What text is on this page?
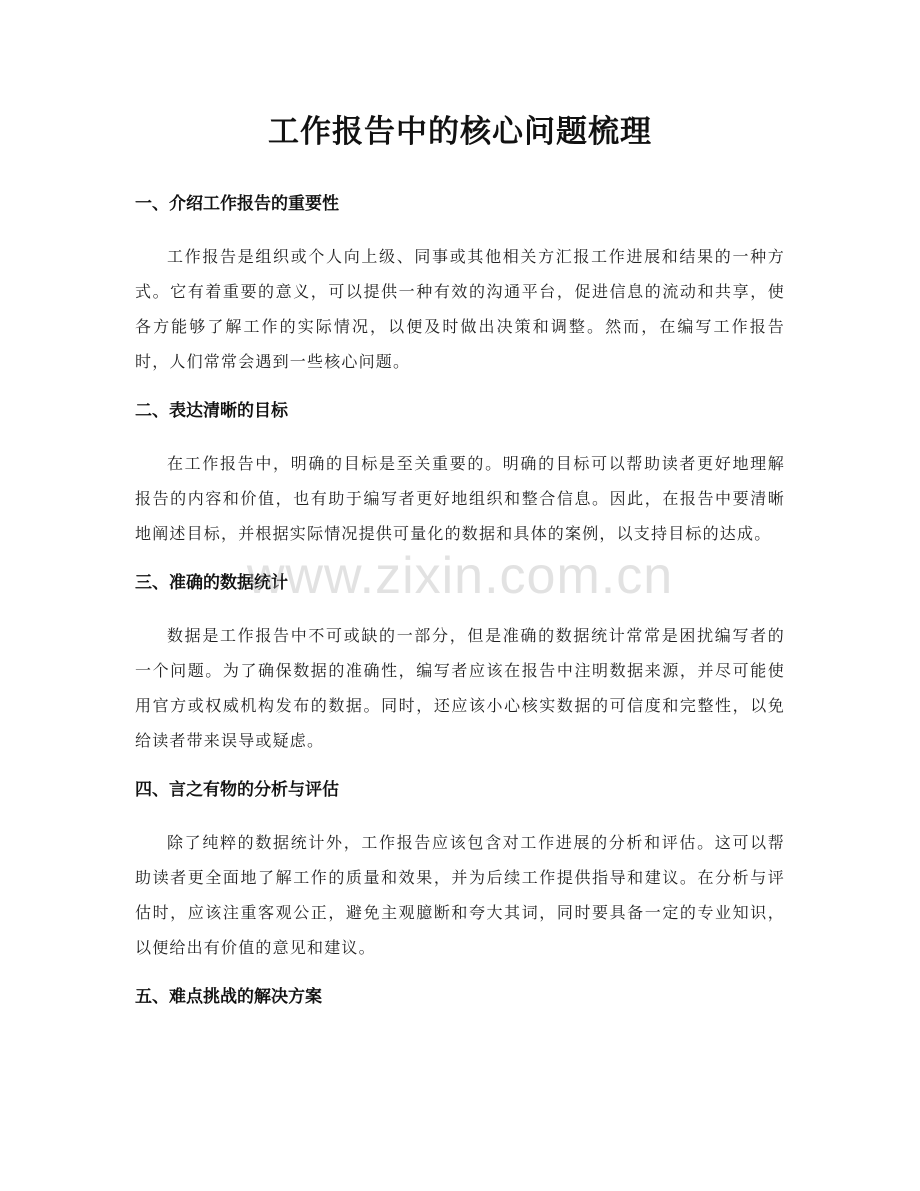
工作报告中的核心问题梳理
一、介绍工作报告的重要性

工作报告是组织或个人向上级、同事或其他相关方汇报工作进展和结果的一种方式。它有着重要的意义，可以提供一种有效的沟通平台，促进信息的流动和共享，使各方能够了解工作的实际情况，以便及时做出决策和调整。然而，在编写工作报告时，人们常常会遇到一些核心问题。

二、表达清晰的目标

在工作报告中，明确的目标是至关重要的。明确的目标可以帮助读者更好地理解报告的内容和价值，也有助于编写者更好地组织和整合信息。因此，在报告中要清晰地阐述目标，并根据实际情况提供可量化的数据和具体的案例，以支持目标的达成。

三、准确的数据统计

数据是工作报告中不可或缺的一部分，但是准确的数据统计常常是困扰编写者的一个问题。为了确保数据的准确性，编写者应该在报告中注明数据来源，并尽可能使用官方或权威机构发布的数据。同时，还应该小心核实数据的可信度和完整性，以免给读者带来误导或疑虑。

四、言之有物的分析与评估

除了纯粹的数据统计外，工作报告应该包含对工作进展的分析和评估。这可以帮助读者更全面地了解工作的质量和效果，并为后续工作提供指导和建议。在分析与评估时，应该注重客观公正，避免主观臆断和夸大其词，同时要具备一定的专业知识，以便给出有价值的意见和建议。

五、难点挑战的解决方案
www.zixin.com.cn
